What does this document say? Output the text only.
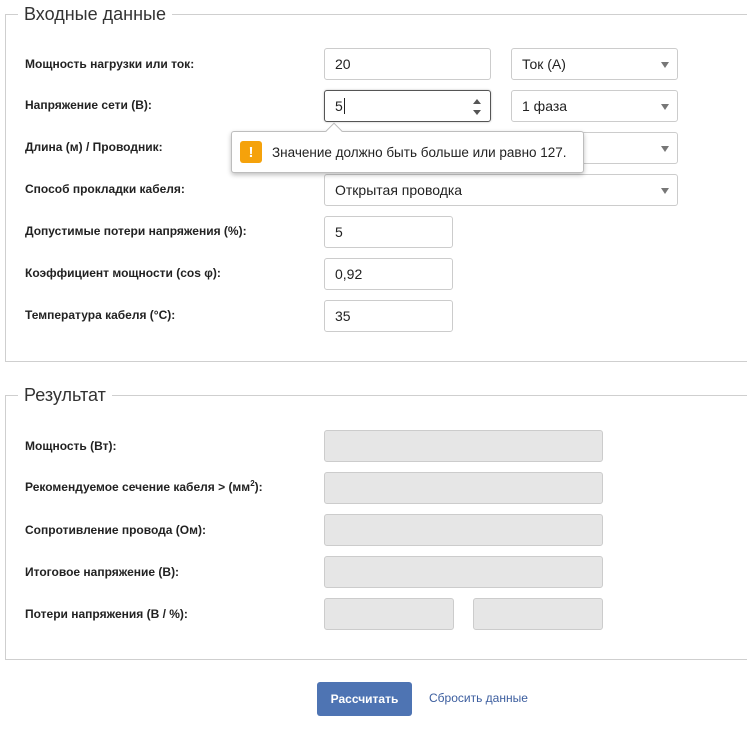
Входные данные
Мощность нагрузки или ток:	20	Ток (А)
Напряжение сети (В):	5	1 фаза
Длина (м) / Проводник:
Способ прокладки кабеля:	Открытая проводка
Допустимые потери напряжения (%):	5
Коэффициент мощности (cos φ):	0,92
Температура кабеля (°С):	35
!	Значение должно быть больше или равно 127.
Результат
Мощность (Вт):
Рекомендуемое сечение кабеля > $(мм^2)$:
Сопротивление провода (Ом):
Итоговое напряжение (В):
Потери напряжения (В / %):
Рассчитать	Сбросить данные
